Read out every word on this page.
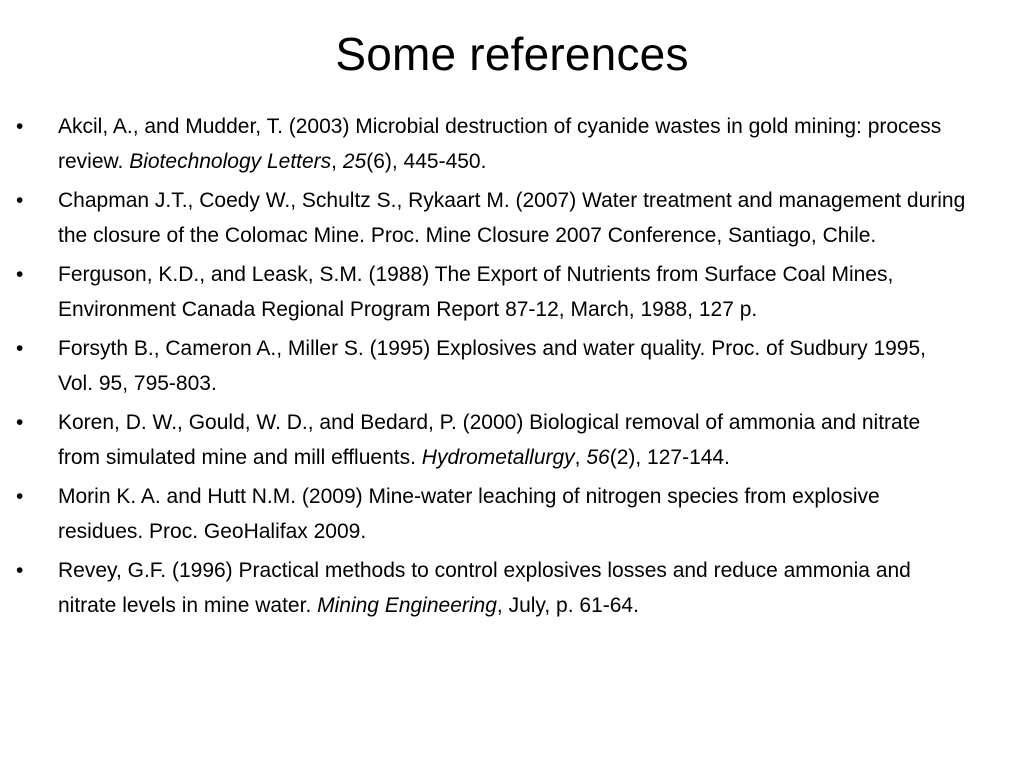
Some references
•	Akcil, A., and Mudder, T. (2003) Microbial destruction of cyanide wastes in gold mining: process review. Biotechnology Letters, 25(6), 445-450.
•	Chapman J.T., Coedy W., Schultz S., Rykaart M. (2007) Water treatment and management during the closure of the Colomac Mine. Proc. Mine Closure 2007 Conference, Santiago, Chile.
•	Ferguson, K.D., and Leask, S.M. (1988) The Export of Nutrients from Surface Coal Mines, Environment Canada Regional Program Report 87-12, March, 1988, 127 p.
•	Forsyth B., Cameron A., Miller S. (1995) Explosives and water quality. Proc. of Sudbury 1995, Vol. 95, 795-803.
•	Koren, D. W., Gould, W. D., and Bedard, P. (2000) Biological removal of ammonia and nitrate from simulated mine and mill effluents. Hydrometallurgy, 56(2), 127-144.
•	Morin K. A. and Hutt N.M. (2009) Mine-water leaching of nitrogen species from explosive residues. Proc. GeoHalifax 2009.
•	Revey, G.F. (1996) Practical methods to control explosives losses and reduce ammonia and nitrate levels in mine water. Mining Engineering, July, p. 61-64.
